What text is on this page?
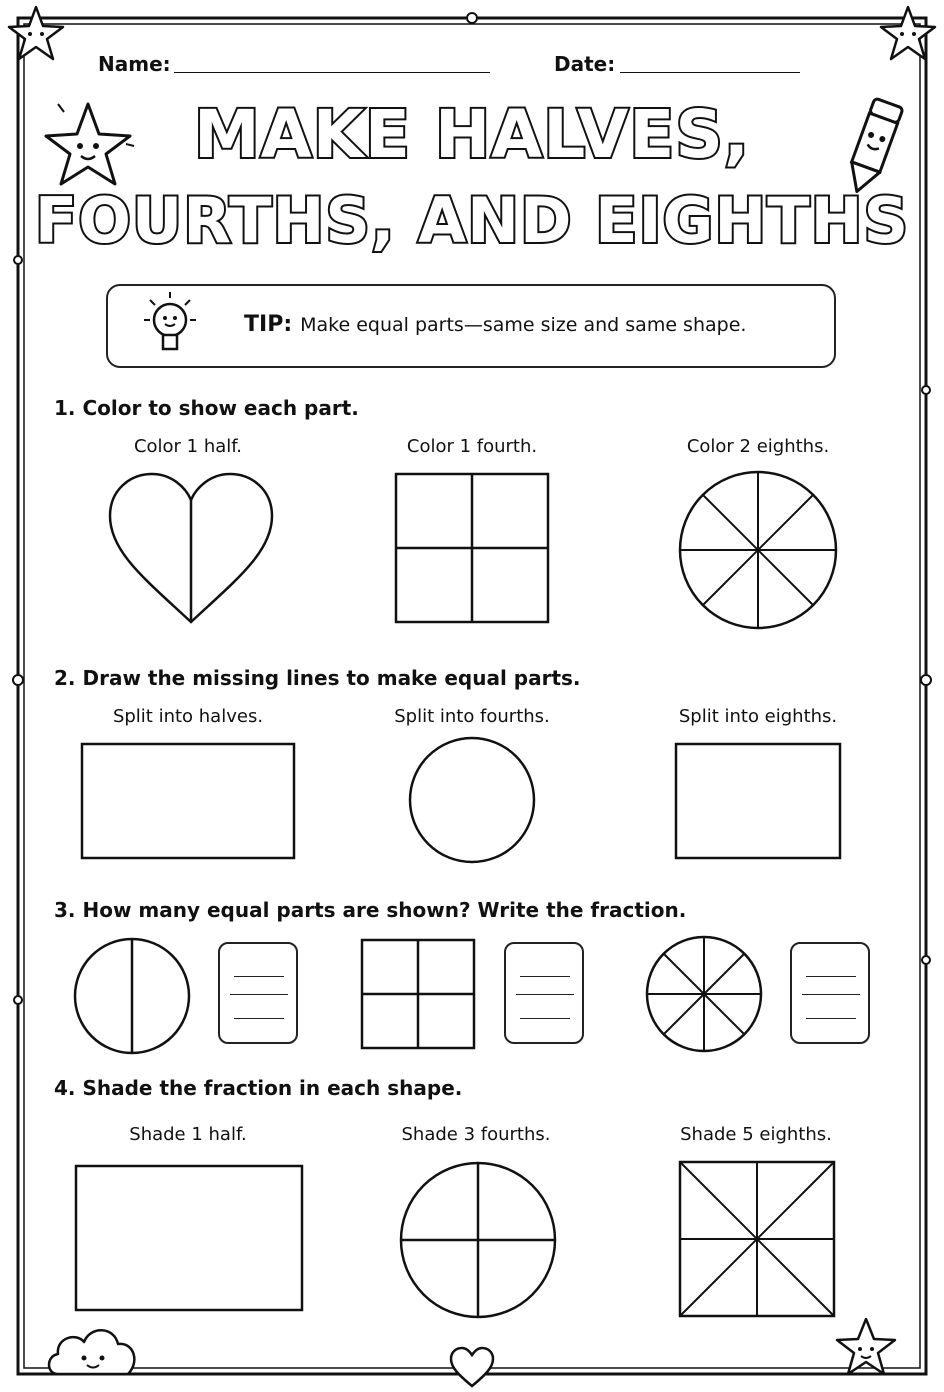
Name:	Date:
MAKE HALVES,
FOURTHS, AND EIGHTHS
TIP: Make equal parts—same size and same shape.
1. Color to show each part.
Color 1 half.	Color 1 fourth.	Color 2 eighths.
2. Draw the missing lines to make equal parts.
Split into halves.	Split into fourths.	Split into eighths.
3. How many equal parts are shown? Write the fraction.
4. Shade the fraction in each shape.
Shade 1 half.	Shade 3 fourths.	Shade 5 eighths.
